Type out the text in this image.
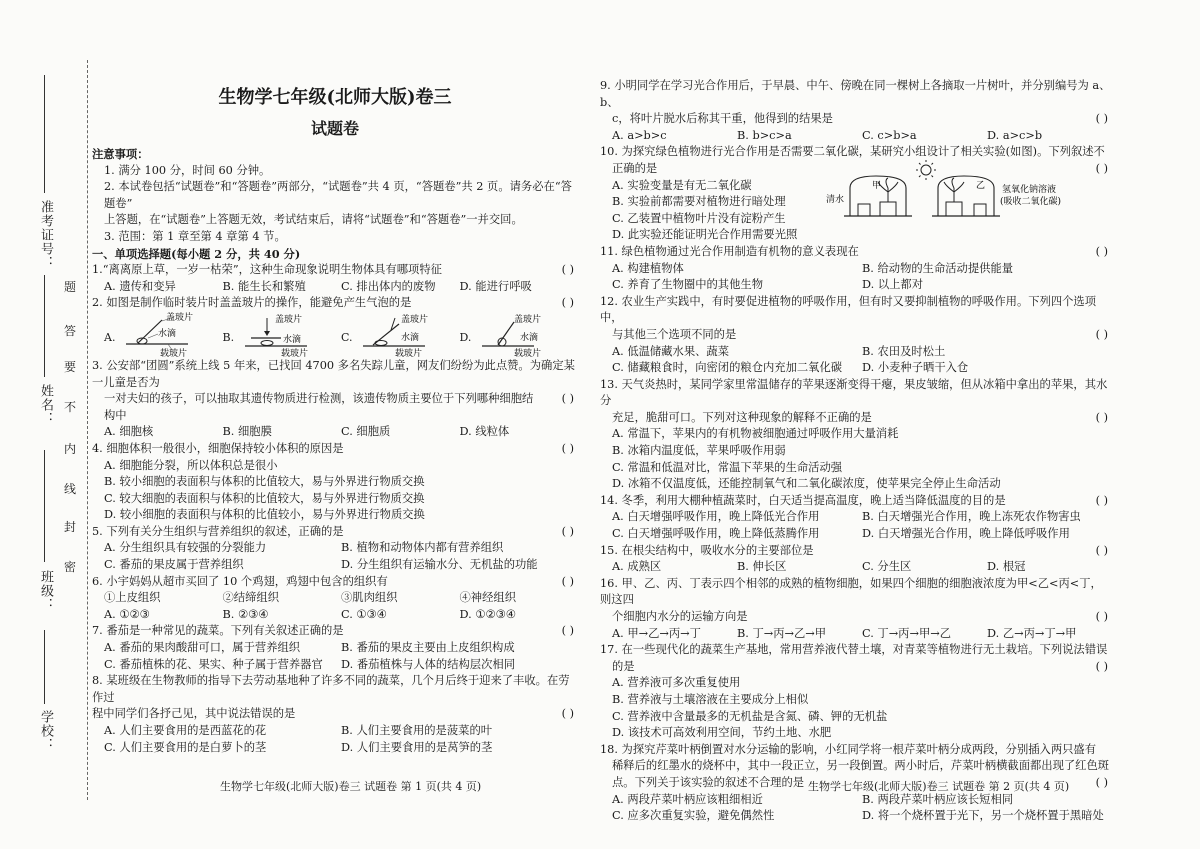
准考证号：
姓名：
班级：
学校：
题
答
要
不
内
线
封
密
生物学七年级(北师大版)卷三
试题卷
注意事项：
1. 满分 100 分，时间 60 分钟。
2. 本试卷包括“试题卷”和“答题卷”两部分，“试题卷”共 4 页，“答题卷”共 2 页。请务必在“答题卷”
上答题，在“试题卷”上答题无效，考试结束后，请将“试题卷”和“答题卷”一并交回。
3. 范围：第 1 章至第 4 章第 4 节。
一、单项选择题(每小题 2 分，共 40 分)
1.“离离原上草，一岁一枯荣”，这种生命现象说明生物体具有哪项特征	( )
A. 遗传和变异	B. 能生长和繁殖	C. 排出体内的废物	D. 能进行呼吸
2. 如图是制作临时装片时盖盖玻片的操作，能避免产生气泡的是	( )
A.
盖玻片
水滴
载玻片
B.
盖玻片
水滴
载玻片
C.
盖玻片
水滴
载玻片
D.
盖玻片
水滴
载玻片
3. 公安部“团圆”系统上线 5 年来，已找回 4700 多名失踪儿童，网友们纷纷为此点赞。为确定某一儿童是否为
一对夫妇的孩子，可以抽取其遗传物质进行检测，该遗传物质主要位于下列哪种细胞结构中
( )
A. 细胞核	B. 细胞膜	C. 细胞质	D. 线粒体
4. 细胞体积一般很小，细胞保持较小体积的原因是	( )
A. 细胞能分裂，所以体积总是很小
B. 较小细胞的表面积与体积的比值较大，易与外界进行物质交换
C. 较大细胞的表面积与体积的比值较大，易与外界进行物质交换
D. 较小细胞的表面积与体积的比值较小，易与外界进行物质交换
5. 下列有关分生组织与营养组织的叙述，正确的是	( )
A. 分生组织具有较强的分裂能力	B. 植物和动物体内都有营养组织
C. 番茄的果皮属于营养组织	D. 分生组织有运输水分、无机盐的功能
6. 小宇妈妈从超市买回了 10 个鸡翅，鸡翅中包含的组织有	( )
①上皮组织	②结缔组织	③肌肉组织	④神经组织
A. ①②③	B. ②③④	C. ①③④	D. ①②③④
7. 番茄是一种常见的蔬菜。下列有关叙述正确的是	( )
A. 番茄的果肉酸甜可口，属于营养组织	B. 番茄的果皮主要由上皮组织构成
C. 番茄植株的花、果实、种子属于营养器官	D. 番茄植株与人体的结构层次相同
8. 某班级在生物教师的指导下去劳动基地种了许多不同的蔬菜，几个月后终于迎来了丰收。在劳作过
程中同学们各抒己见，其中说法错误的是	( )
A. 人们主要食用的是西蓝花的花	B. 人们主要食用的是菠菜的叶
C. 人们主要食用的是白萝卜的茎	D. 人们主要食用的是莴笋的茎
生物学七年级(北师大版)卷三 试题卷 第 1 页(共 4 页)
9. 小明同学在学习光合作用后，于早晨、中午、傍晚在同一棵树上各摘取一片树叶，并分别编号为 a、b、
c，将叶片脱水后称其干重，他得到的结果是	( )
A. a>b>c	B. b>c>a	C. c>b>a	D. a>c>b
10. 为探究绿色植物进行光合作用是否需要二氧化碳，某研究小组设计了相关实验(如图)。下列叙述不
正确的是	( )
A. 实验变量是有无二氧化碳
B. 实验前都需要对植物进行暗处理
C. 乙装置中植物叶片没有淀粉产生
D. 此实验还能证明光合作用需要光照
11. 绿色植物通过光合作用制造有机物的意义表现在	( )
A. 构建植物体	B. 给动物的生命活动提供能量
C. 养育了生物圈中的其他生物	D. 以上都对
12. 农业生产实践中，有时要促进植物的呼吸作用，但有时又要抑制植物的呼吸作用。下列四个选项中，
与其他三个选项不同的是	( )
A. 低温储藏水果、蔬菜	B. 农田及时松土
C. 储藏粮食时，向密闭的粮仓内充加二氧化碳	D. 小麦种子晒干入仓
13. 天气炎热时，某同学家里常温储存的苹果逐渐变得干瘪，果皮皱缩，但从冰箱中拿出的苹果，其水分
充足，脆甜可口。下列对这种现象的解释不正确的是	( )
A. 常温下，苹果内的有机物被细胞通过呼吸作用大量消耗
B. 冰箱内温度低，苹果呼吸作用弱
C. 常温和低温对比，常温下苹果的生命活动强
D. 冰箱不仅温度低，还能控制氧气和二氧化碳浓度，使苹果完全停止生命活动
14. 冬季，利用大棚种植蔬菜时，白天适当提高温度，晚上适当降低温度的目的是	( )
A. 白天增强呼吸作用，晚上降低光合作用	B. 白天增强光合作用，晚上冻死农作物害虫
C. 白天增强呼吸作用，晚上降低蒸腾作用	D. 白天增强光合作用，晚上降低呼吸作用
15. 在根尖结构中，吸收水分的主要部位是	( )
A. 成熟区	B. 伸长区	C. 分生区	D. 根冠
16. 甲、乙、丙、丁表示四个相邻的成熟的植物细胞，如果四个细胞的细胞液浓度为甲<乙<丙<丁，则这四
个细胞内水分的运输方向是	( )
A. 甲→乙→丙→丁	B. 丁→丙→乙→甲	C. 丁→丙→甲→乙	D. 乙→丙→丁→甲
17. 在一些现代化的蔬菜生产基地，常用营养液代替土壤，对青菜等植物进行无土栽培。下列说法错误
的是	( )
A. 营养液可多次重复使用
B. 营养液与土壤溶液在主要成分上相似
C. 营养液中含量最多的无机盐是含氮、磷、钾的无机盐
D. 该技术可高效利用空间，节约土地、水肥
18. 为探究芹菜叶柄倒置对水分运输的影响，小红同学将一根芹菜叶柄分成两段，分别插入两只盛有
稀释后的红墨水的烧杯中，其中一段正立，另一段倒置。两小时后，芹菜叶柄横截面都出现了红色斑
点。下列关于该实验的叙述不合理的是	( )
A. 两段芹菜叶柄应该粗细相近	B. 两段芹菜叶柄应该长短相同
C. 应多次重复实验，避免偶然性	D. 将一个烧杯置于光下，另一个烧杯置于黑暗处
清水
甲	乙 氢氧化钠溶液
(吸收二氧化碳)
生物学七年级(北师大版)卷三 试题卷 第 2 页(共 4 页)
